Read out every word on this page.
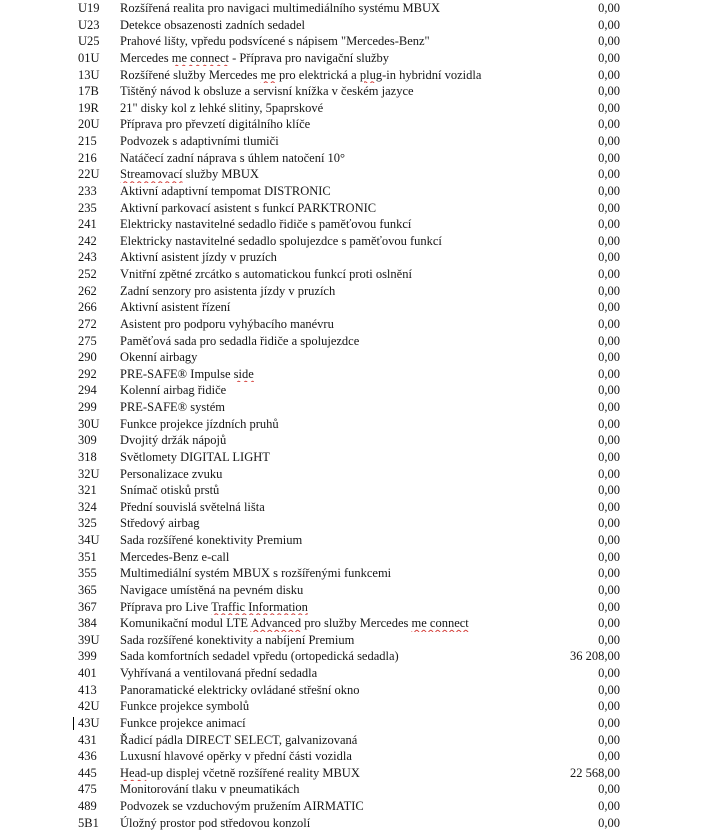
U19	Rozšířená realita pro navigaci multimediálního systému MBUX	0,00
U23	Detekce obsazenosti zadních sedadel	0,00
U25	Prahové lišty, vpředu podsvícené s nápisem "Mercedes-Benz"	0,00
01U	Mercedes me connect - Příprava pro navigační služby	0,00
13U	Rozšířené služby Mercedes me pro elektrická a plug-in hybridní vozidla	0,00
17B	Tištěný návod k obsluze a servisní knížka v českém jazyce	0,00
19R	21" disky kol z lehké slitiny, 5paprskové	0,00
20U	Příprava pro převzetí digitálního klíče	0,00
215	Podvozek s adaptivními tlumiči	0,00
216	Natáčecí zadní náprava s úhlem natočení 10°	0,00
22U	Streamovací služby MBUX	0,00
233	Aktivní adaptivní tempomat DISTRONIC	0,00
235	Aktivní parkovací asistent s funkcí PARKTRONIC	0,00
241	Elektricky nastavitelné sedadlo řidiče s paměťovou funkcí	0,00
242	Elektricky nastavitelné sedadlo spolujezdce s paměťovou funkcí	0,00
243	Aktivní asistent jízdy v pruzích	0,00
252	Vnitřní zpětné zrcátko s automatickou funkcí proti oslnění	0,00
262	Zadní senzory pro asistenta jízdy v pruzích	0,00
266	Aktivní asistent řízení	0,00
272	Asistent pro podporu vyhýbacího manévru	0,00
275	Paměťová sada pro sedadla řidiče a spolujezdce	0,00
290	Okenní airbagy	0,00
292	PRE-SAFE® Impulse side	0,00
294	Kolenní airbag řidiče	0,00
299	PRE-SAFE® systém	0,00
30U	Funkce projekce jízdních pruhů	0,00
309	Dvojitý držák nápojů	0,00
318	Světlomety DIGITAL LIGHT	0,00
32U	Personalizace zvuku	0,00
321	Snímač otisků prstů	0,00
324	Přední souvislá světelná lišta	0,00
325	Středový airbag	0,00
34U	Sada rozšířené konektivity Premium	0,00
351	Mercedes-Benz e-call	0,00
355	Multimediální systém MBUX s rozšířenými funkcemi	0,00
365	Navigace umístěná na pevném disku	0,00
367	Příprava pro Live Traffic Information	0,00
384	Komunikační modul LTE Advanced pro služby Mercedes me connect	0,00
39U	Sada rozšířené konektivity a nabíjení Premium	0,00
399	Sada komfortních sedadel vpředu (ortopedická sedadla)	36 208,00
401	Vyhřívaná a ventilovaná přední sedadla	0,00
413	Panoramatické elektricky ovládané střešní okno	0,00
42U	Funkce projekce symbolů	0,00
43U	Funkce projekce animací	0,00
431	Řadicí pádla DIRECT SELECT, galvanizovaná	0,00
436	Luxusní hlavové opěrky v přední části vozidla	0,00
445	Head-up displej včetně rozšířené reality MBUX	22 568,00
475	Monitorování tlaku v pneumatikách	0,00
489	Podvozek se vzduchovým pružením AIRMATIC	0,00
5B1	Úložný prostor pod středovou konzolí	0,00
